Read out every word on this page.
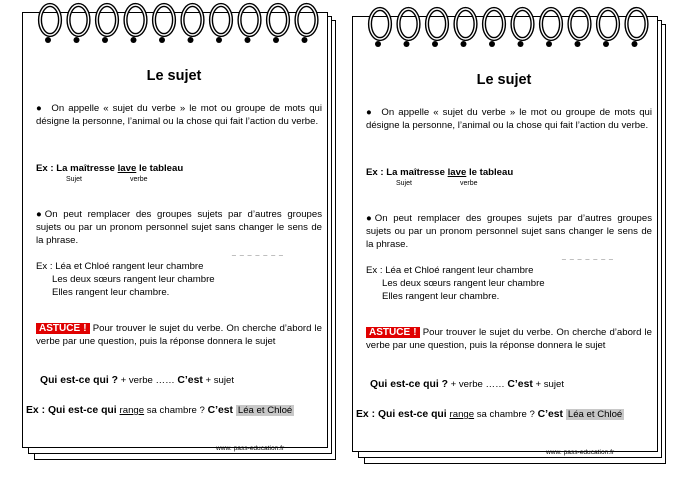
Le sujet

●  On appelle « sujet du verbe » le mot ou groupe de mots qui désigne la personne, l’animal ou la chose qui fait l’action du verbe.

Ex : La maîtresse lave le tableau
Sujet	verbe

●On peut remplacer des groupes sujets par d’autres groupes sujets ou par un pronom personnel sujet sans changer le sens de la phrase.

_ _ _ _ _ _ _
Ex : Léa et Chloé rangent leur chambre
Les deux sœurs rangent leur chambre
Elles rangent leur chambre.

ASTUCE ! Pour trouver le sujet du verbe. On cherche d’abord le verbe par une question, puis la réponse donnera le sujet

Qui est-ce qui ? + verbe …… C’est + sujet
Ex : Qui est-ce qui range sa chambre ? C’est Léa et Chloé
www. pass-education.fr
Le sujet

●  On appelle « sujet du verbe » le mot ou groupe de mots qui désigne la personne, l’animal ou la chose qui fait l’action du verbe.

Ex : La maîtresse lave le tableau
Sujet	verbe

●On peut remplacer des groupes sujets par d’autres groupes sujets ou par un pronom personnel sujet sans changer le sens de la phrase.

_ _ _ _ _ _ _
Ex : Léa et Chloé rangent leur chambre
Les deux sœurs rangent leur chambre
Elles rangent leur chambre.

ASTUCE ! Pour trouver le sujet du verbe. On cherche d’abord le verbe par une question, puis la réponse donnera le sujet

Qui est-ce qui ? + verbe …… C’est + sujet
Ex : Qui est-ce qui range sa chambre ? C’est Léa et Chloé
www. pass-education.fr
